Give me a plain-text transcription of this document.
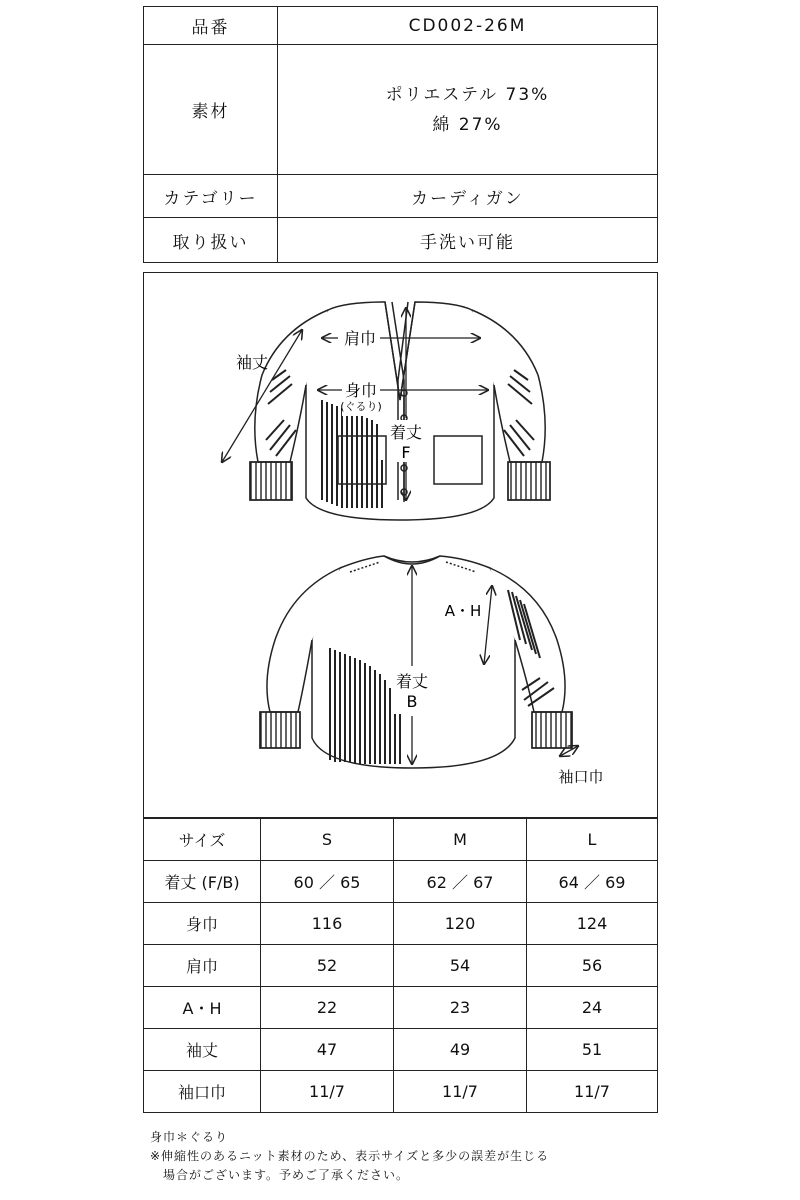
品番	CD002-26M
素材	ポリエステル 73%
綿 27%

カテゴリー	カーディガン
取り扱い	手洗い可能
肩巾
身巾
(ぐるり)
着丈
F
袖丈
着丈
B
A・H
袖口巾
サイズ	S	M	L
着丈 (F/B)	60 ／ 65	62 ／ 67	64 ／ 69
身巾	116	120	124
肩巾	52	54	56
A・H	22	23	24
袖丈	47	49	51
袖口巾	11/7	11/7	11/7
身巾＊ぐるり
※伸縮性のあるニット素材のため、表示サイズと多少の誤差が生じる
　場合がございます。予めご了承ください。
